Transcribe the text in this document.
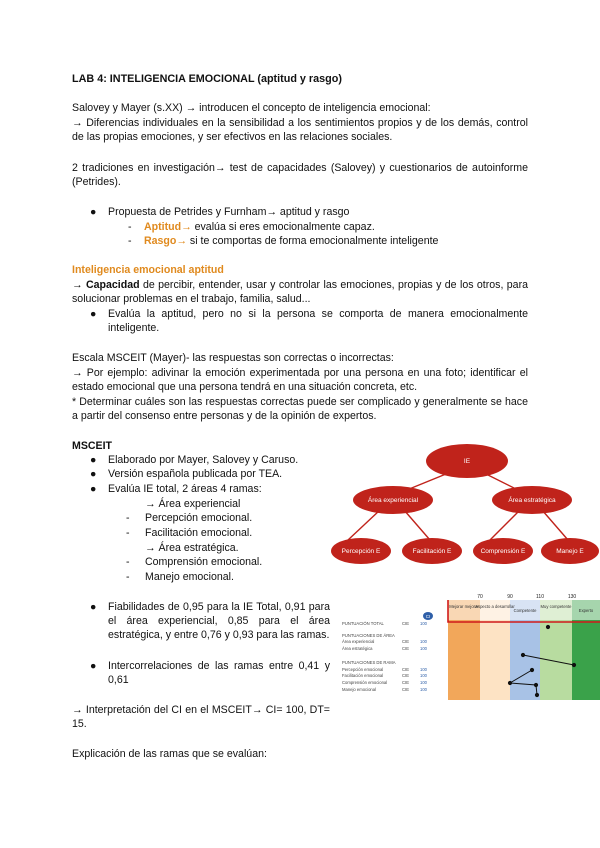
LAB 4: INTELIGENCIA EMOCIONAL (aptitud y rasgo)
Salovey y Mayer (s.XX) → introducen el concepto de inteligencia emocional:
→ Diferencias individuales en la sensibilidad a los sentimientos propios y de los demás, control de las propias emociones, y ser efectivos en las relaciones sociales.
2 tradiciones en investigación→ test de capacidades (Salovey) y cuestionarios de autoinforme (Petrides).
● Propuesta de Petrides y Furnham→ aptitud y rasgo
- Aptitud→ evalúa si eres emocionalmente capaz.
- Rasgo→ si te comportas de forma emocionalmente inteligente
Inteligencia emocional aptitud
→ Capacidad de percibir, entender, usar y controlar las emociones, propias y de los otros, para solucionar problemas en el trabajo, familia, salud...
● Evalúa la aptitud, pero no si la persona se comporta de manera emocionalmente inteligente.
Escala MSCEIT (Mayer)- las respuestas son correctas o incorrectas:
→ Por ejemplo: adivinar la emoción experimentada por una persona en una foto; identificar el estado emocional que una persona tendrá en una situación concreta, etc.
* Determinar cuáles son las respuestas correctas puede ser complicado y generalmente se hace a partir del consenso entre personas y de la opinión de expertos.
MSCEIT
● Elaborado por Mayer, Salovey y Caruso.
● Versión española publicada por TEA.
● Evalúa IE total, 2 áreas 4 ramas:
→ Área experiencial
- Percepción emocional.
- Facilitación emocional.
→ Área estratégica.
- Comprensión emocional.
- Manejo emocional.
● Fiabilidades de 0,95 para la IE Total, 0,91 para el área experiencial, 0,85 para el área estratégica, y entre 0,76 y 0,93 para las ramas.
● Intercorrelaciones de las ramas entre 0,41 y 0,61
→ Interpretación del CI en el MSCEIT→ CI= 100, DT= 15.
Explicación de las ramas que se evalúan:
IE
Área experiencial	Área estratégica
Percepción E	Facilitación E	Comprensión E	Manejo E
Mejorar mejorar
Aspecto a desarrollar
Competente
Muy competente
Experto
70	90	110	130
CI
PUNTUACIÓN TOTAL	CIE	100
PUNTUACIONES DE ÁREA
Área experiencial	CIE	100
Área estratégica	CIE	100
PUNTUACIONES DE RAMA
Percepción emocional	CIE	100
Facilitación emocional	CIE	100
Comprensión emocional	CIE	100
Manejo emocional	CIE	100
